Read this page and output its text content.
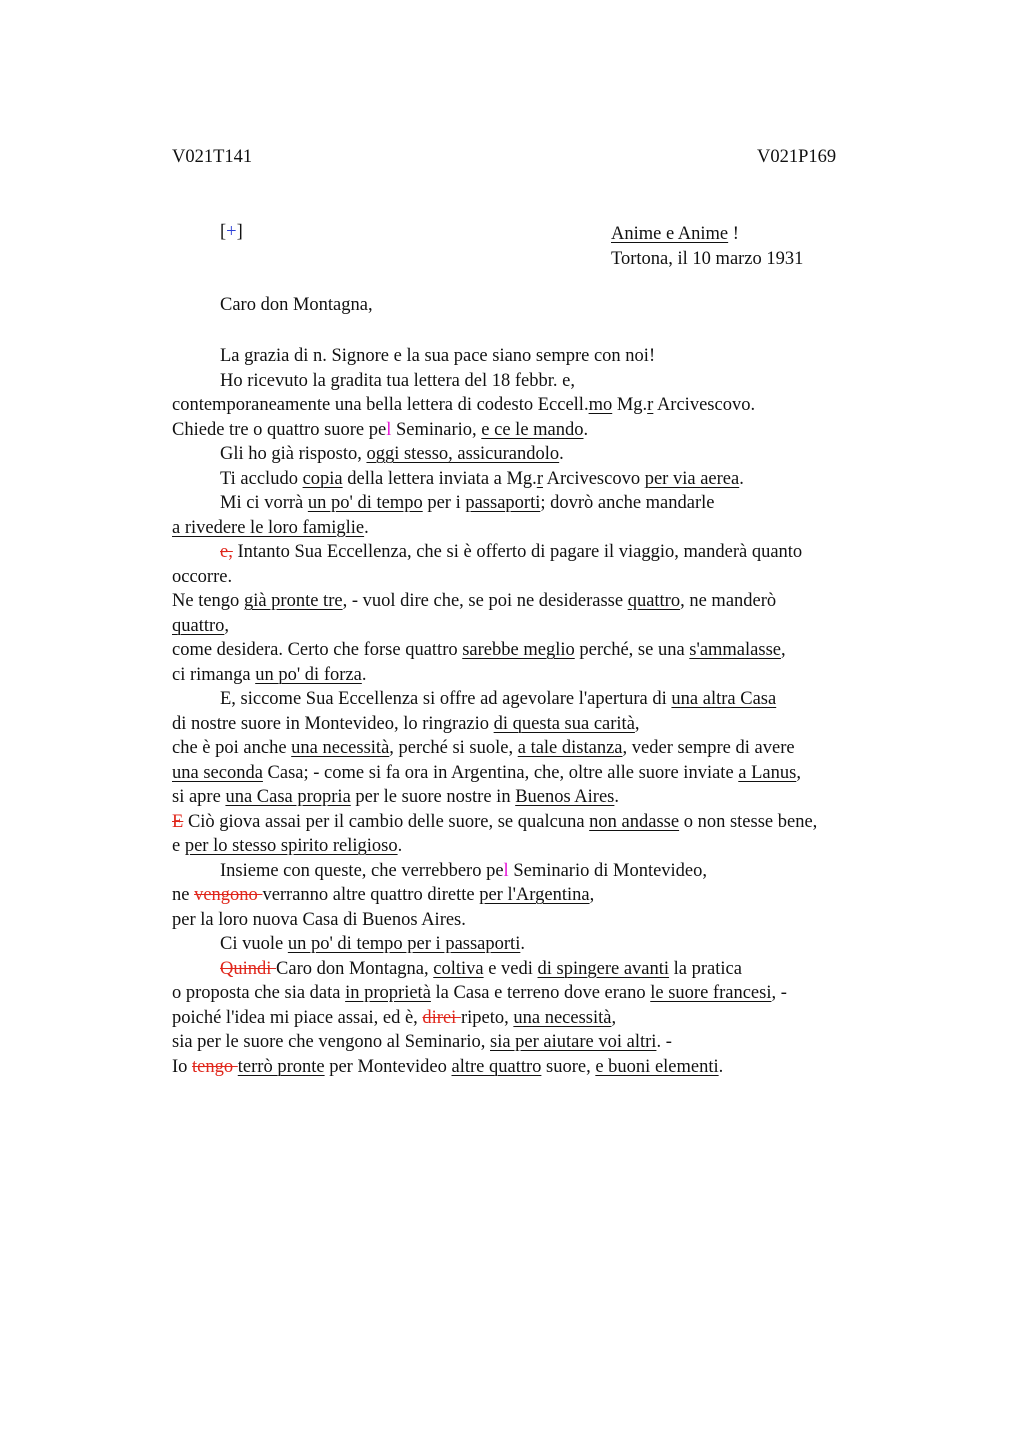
V021T141	V021P169
[+]	Anime e Anime !
Tortona, il 10 marzo 1931
Caro don Montagna,
La grazia di n. Signore e la sua pace siano sempre con noi!
Ho ricevuto la gradita tua lettera del 18 febbr. e,
contemporaneamente una bella lettera di codesto Eccell.mo Mg.r Arcivescovo.
Chiede tre o quattro suore pel Seminario, e ce le mando.
Gli ho già risposto, oggi stesso, assicurandolo.
Ti accludo copia della lettera inviata a Mg.r Arcivescovo per via aerea.
Mi ci vorrà un po' di tempo per i passaporti; dovrò anche mandarle
a rivedere le loro famiglie.
e, Intanto Sua Eccellenza, che si è offerto di pagare il viaggio, manderà quanto
occorre.
Ne tengo già pronte tre, - vuol dire che, se poi ne desiderasse quattro, ne manderò
quattro,
come desidera. Certo che forse quattro sarebbe meglio perché, se una s'ammalasse,
ci rimanga un po' di forza.
E, siccome Sua Eccellenza si offre ad agevolare l'apertura di una altra Casa
di nostre suore in Montevideo, lo ringrazio di questa sua carità,
che è poi anche una necessità, perché si suole, a tale distanza, veder sempre di avere
una seconda Casa; - come si fa ora in Argentina, che, oltre alle suore inviate a Lanus,
si apre una Casa propria per le suore nostre in Buenos Aires.
E Ciò giova assai per il cambio delle suore, se qualcuna non andasse o non stesse bene,
e per lo stesso spirito religioso.
Insieme con queste, che verrebbero pel Seminario di Montevideo,
ne vengono verranno altre quattro dirette per l'Argentina,
per la loro nuova Casa di Buenos Aires.
Ci vuole un po' di tempo per i passaporti.
Quindi Caro don Montagna, coltiva e vedi di spingere avanti la pratica
o proposta che sia data in proprietà la Casa e terreno dove erano le suore francesi, -
poiché l'idea mi piace assai, ed è, direi ripeto, una necessità,
sia per le suore che vengono al Seminario, sia per aiutare voi altri. -
Io tengo terrò pronte per Montevideo altre quattro suore, e buoni elementi.
